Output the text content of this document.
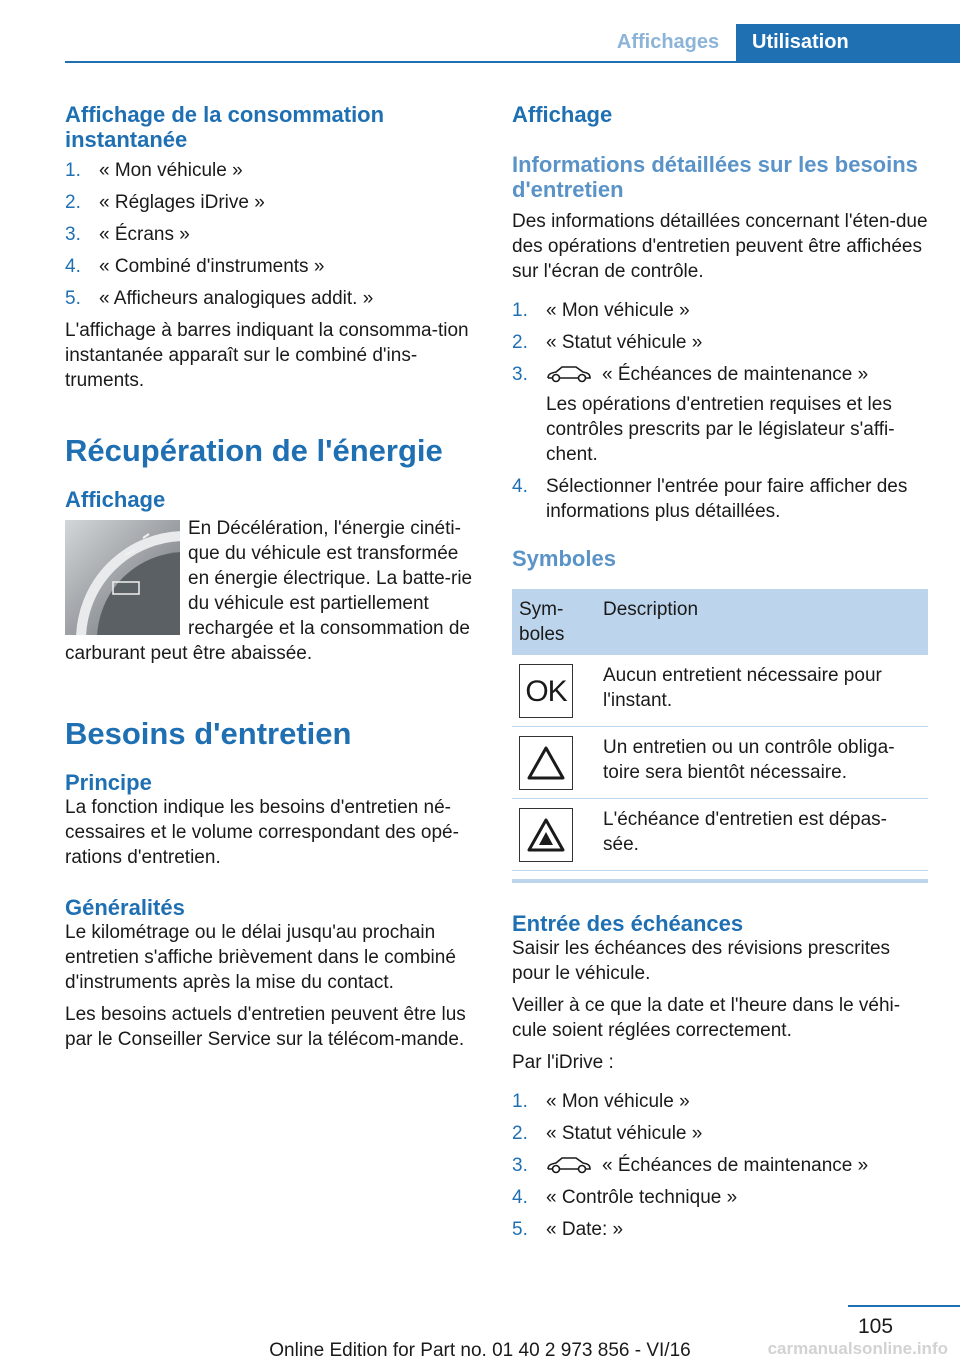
Affichages	Utilisation
Affichage de la consommation instantanée
1. « Mon véhicule »
2. « Réglages iDrive »
3. « Écrans »
4. « Combiné d'instruments »
5. « Afficheurs analogiques addit. »

L'affichage à barres indiquant la consomma-tion instantanée apparaît sur le combiné d'ins-truments.

Récupération de l'énergie
Affichage

En Décélération, l'énergie cinéti-que du véhicule est transformée en énergie électrique. La batte-rie du véhicule est partiellement rechargée et la consommation de carburant peut être abaissée.

Besoins d'entretien
Principe

La fonction indique les besoins d'entretien né-cessaires et le volume correspondant des opé-rations d'entretien.

Généralités

Le kilométrage ou le délai jusqu'au prochain entretien s'affiche brièvement dans le combiné d'instruments après la mise du contact.

Les besoins actuels d'entretien peuvent être lus par le Conseiller Service sur la télécom-mande.

Affichage
Informations détaillées sur les besoins d'entretien

Des informations détaillées concernant l'éten-due des opérations d'entretien peuvent être affichées sur l'écran de contrôle.

1. « Mon véhicule »
2. « Statut véhicule »
3.	« Échéances de maintenance »

Les opérations d'entretien requises et les contrôles prescrits par le législateur s'affi-chent.

4. Sélectionner l'entrée pour faire afficher des informations plus détaillées.
Symboles
Sym-boles	Description

OK	Aucun entretient nécessaire pour l'instant.

	Un entretien ou un contrôle obliga-toire sera bientôt nécessaire.

	L'échéance d'entretien est dépas-sée.
Entrée des échéances

Saisir les échéances des révisions prescrites pour le véhicule.

Veiller à ce que la date et l'heure dans le véhi-cule soient réglées correctement.

Par l'iDrive :

1. « Mon véhicule »
2. « Statut véhicule »
3.	« Échéances de maintenance »
4. « Contrôle technique »
5. « Date: »
105
Online Edition for Part no. 01 40 2 973 856 - VI/16	carmanualsonline.info
